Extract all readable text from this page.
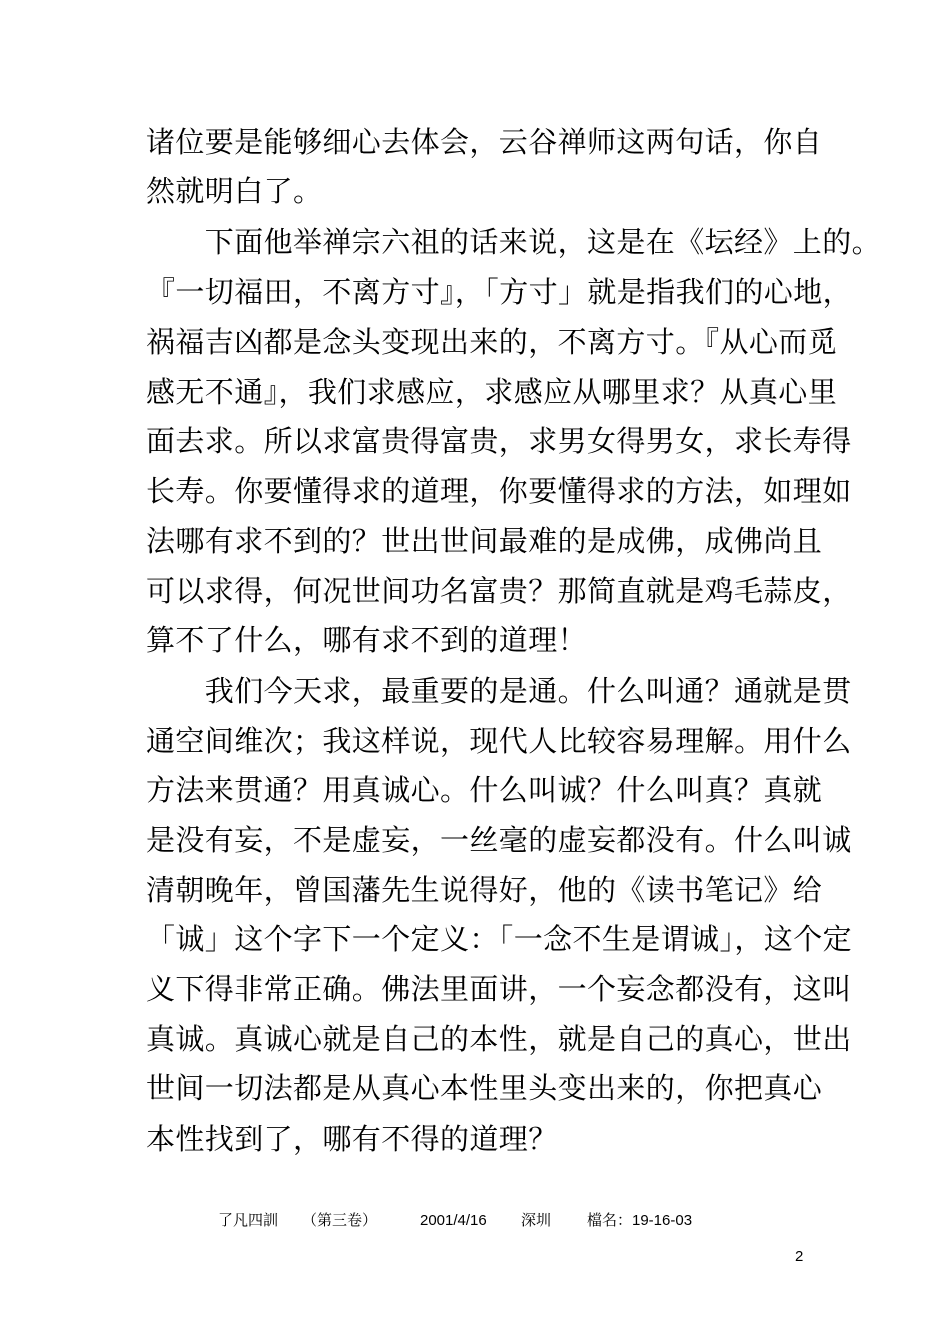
诸位要是能够细心去体会，云谷禅师这两句话，你自
然就明白了。
　　下面他举禅宗六祖的话来说，这是在《坛经》上的。
『一切福田，不离方寸』，「方寸」就是指我们的心地，
祸福吉凶都是念头变现出来的，不离方寸。『从心而觅
感无不通』，我们求感应，求感应从哪里求？从真心里
面去求。所以求富贵得富贵，求男女得男女，求长寿得
长寿。你要懂得求的道理，你要懂得求的方法，如理如
法哪有求不到的？世出世间最难的是成佛，成佛尚且
可以求得，何况世间功名富贵？那简直就是鸡毛蒜皮，
算不了什么，哪有求不到的道理！
　　我们今天求，最重要的是通。什么叫通？通就是贯
通空间维次；我这样说，现代人比较容易理解。用什么
方法来贯通？用真诚心。什么叫诚？什么叫真？真就
是没有妄，不是虚妄，一丝毫的虚妄都没有。什么叫诚
清朝晚年，曾国藩先生说得好，他的《读书笔记》给
「诚」这个字下一个定义：「一念不生是谓诚」，这个定
义下得非常正确。佛法里面讲，一个妄念都没有，这叫
真诚。真诚心就是自己的本性，就是自己的真心，世出
世间一切法都是从真心本性里头变出来的，你把真心
本性找到了，哪有不得的道理？
了凡四訓 （第三卷）	2001/4/16 深圳 檔名：19-16-03
2
